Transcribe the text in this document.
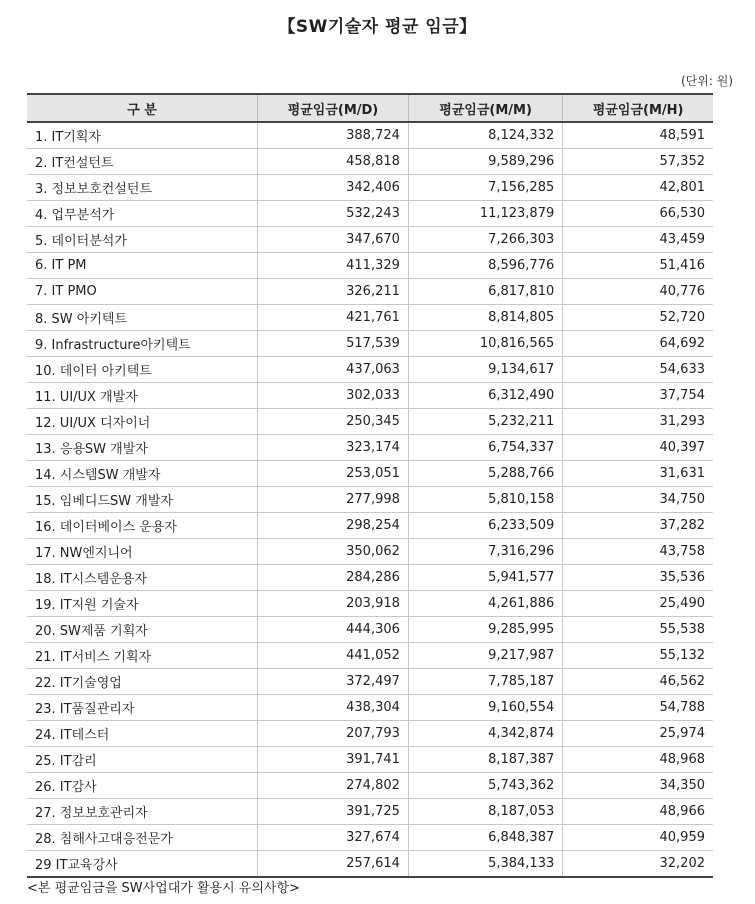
【SW기술자 평균 임금】
(단위: 원)
구 분	평균임금(M/D)	평균임금(M/M)	평균임금(M/H)
1. IT기획자	388,724	8,124,332	48,591
2. IT컨설턴트	458,818	9,589,296	57,352
3. 정보보호컨설턴트	342,406	7,156,285	42,801
4. 업무분석가	532,243	11,123,879	66,530
5. 데이터분석가	347,670	7,266,303	43,459
6. IT PM	411,329	8,596,776	51,416
7. IT PMO	326,211	6,817,810	40,776
8. SW 아키텍트	421,761	8,814,805	52,720
9. Infrastructure아키텍트	517,539	10,816,565	64,692
10. 데이터 아키텍트	437,063	9,134,617	54,633
11. UI/UX 개발자	302,033	6,312,490	37,754
12. UI/UX 디자이너	250,345	5,232,211	31,293
13. 응용SW 개발자	323,174	6,754,337	40,397
14. 시스템SW 개발자	253,051	5,288,766	31,631
15. 임베디드SW 개발자	277,998	5,810,158	34,750
16. 데이터베이스 운용자	298,254	6,233,509	37,282
17. NW엔지니어	350,062	7,316,296	43,758
18. IT시스템운용자	284,286	5,941,577	35,536
19. IT지원 기술자	203,918	4,261,886	25,490
20. SW제품 기획자	444,306	9,285,995	55,538
21. IT서비스 기획자	441,052	9,217,987	55,132
22. IT기술영업	372,497	7,785,187	46,562
23. IT품질관리자	438,304	9,160,554	54,788
24. IT테스터	207,793	4,342,874	25,974
25. IT감리	391,741	8,187,387	48,968
26. IT감사	274,802	5,743,362	34,350
27. 정보보호관리자	391,725	8,187,053	48,966
28. 침해사고대응전문가	327,674	6,848,387	40,959
29 IT교육강사	257,614	5,384,133	32,202
<본 평균임금을 SW사업대가 활용시 유의사항>
